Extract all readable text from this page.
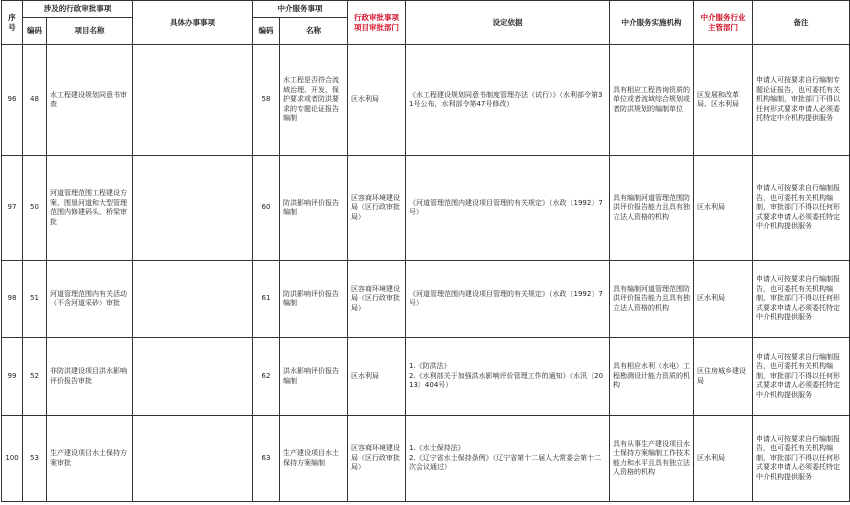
序号	涉及的行政审批事项		具体办事事项	中介服务事项		行政审批事项项目审批部门	设定依据	中介服务实施机构	中介服务行业主管部门	备注
	编码	项目名称		编码	名称					
96	48	水工程建设规划同意书审查		58	水工程是否符合流域治理、开发、保护要求或者防洪要求的专题论证报告编制	区水利局	《水工程建设规划同意书制度管理办法（试行）》（水利部令第31号公布，水利部令第47号修改）	具有相应工程咨询资质的单位或者流域综合规划或者防洪规划的编制单位	区发展和改革局、区水利局	申请人可按要求自行编制专题论证报告，也可委托有关机构编制，审批部门不得以任何形式要求申请人必须委托特定中介机构提供服务
97	50	河道管理范围工程建设方案、围垦河道和大型管理范围内修建码头、桥梁审批		60	防洪影响评价报告编制	区容商环境建设局（区行政审批局）	《河道管理范围内建设项目管理的有关规定》（水政〔1992〕7号）	具有编制河道管理范围防洪评价报告能力且具有独立法人资格的机构	区水利局	申请人可按要求自行编制报告，也可委托有关机构编制，审批部门不得以任何形式要求申请人必须委托特定中介机构提供服务
98	51	河道管理范围内有关活动（不含河道采砂）审批		61	防洪影响评价报告编制	区容商环境建设局（区行政审批局）	《河道管理范围内建设项目管理的有关规定》（水政〔1992〕7号）	具有编制河道管理范围防洪评价报告能力且具有独立法人资格的机构	区水利局	申请人可按要求自行编制报告，也可委托有关机构编制，审批部门不得以任何形式要求申请人必须委托特定中介机构提供服务
99	52	非防洪建设项目洪水影响评价报告审批		62	洪水影响评价报告编制	区水利局	1.《防洪法》
2.《水利部关于加强洪水影响评价管理工作的通知》（水汛〔2013〕404号）	具有相应水利（水电）工程勘测设计能力资质的机构	区住房城乡建设局	申请人可按要求自行编制报告，也可委托有关机构编制，审批部门不得以任何形式要求申请人必须委托特定中介机构提供服务
100	53	生产建设项目水土保持方案审批		63	生产建设项目水土保持方案编制	区容商环境建设局（区行政审批局）	1.《水土保持法》
2.《辽宁省水土保持条例》（辽宁省第十二届人大常委会第十二次会议通过）	具有从事生产建设项目水土保持方案编制工作技术能力和水平且具有独立法人资格的机构	区水利局	申请人可按要求自行编制报告，也可委托有关机构编制，审批部门不得以任何形式要求申请人必须委托特定中介机构提供服务
